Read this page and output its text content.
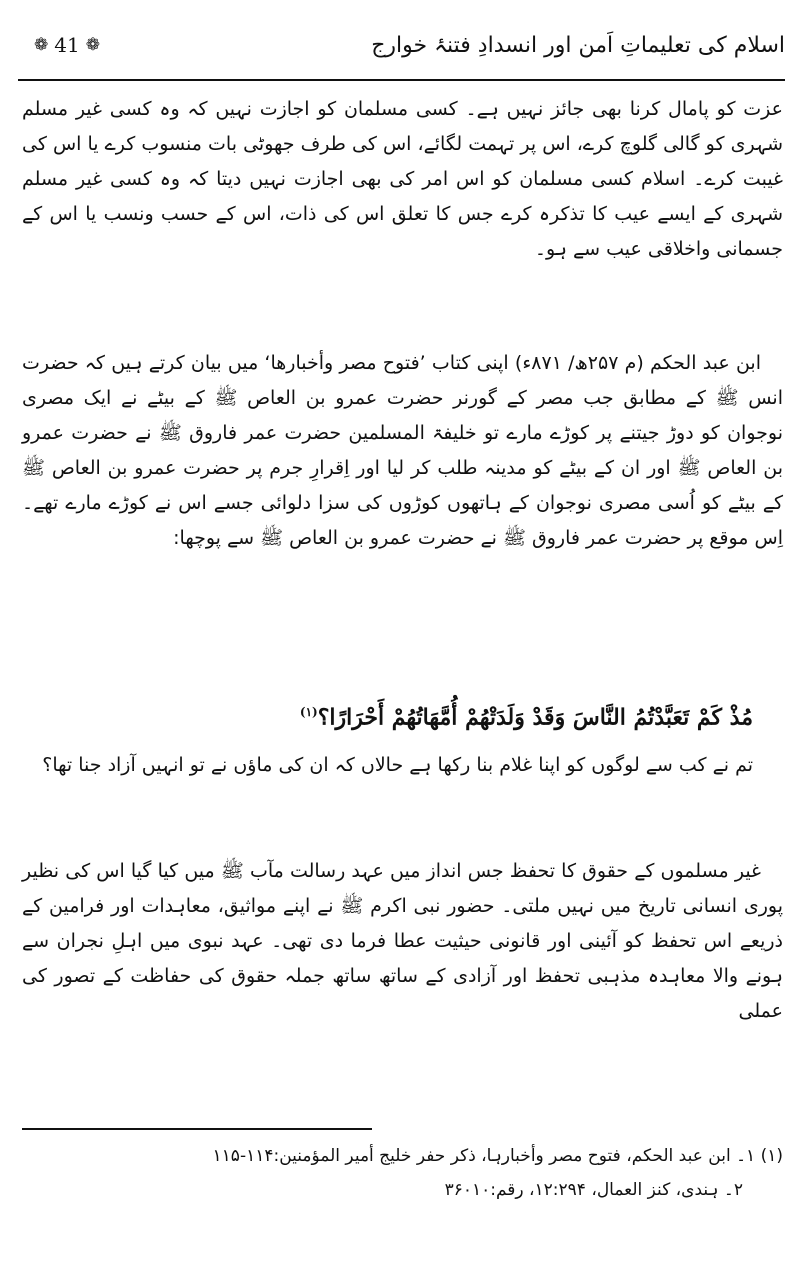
اسلام کی تعلیماتِ اَمن اور انسدادِ فتنۂ خوارج
❁ 41 ❁

عزت کو پامال کرنا بھی جائز نہیں ہے۔ کسی مسلمان کو اجازت نہیں کہ وہ کسی غیر مسلم شہری کو گالی گلوچ کرے، اس پر تہمت لگائے، اس کی طرف جھوٹی بات منسوب کرے یا اس کی غیبت کرے۔ اسلام کسی مسلمان کو اس امر کی بھی اجازت نہیں دیتا کہ وہ کسی غیر مسلم شہری کے ایسے عیب کا تذکرہ کرے جس کا تعلق اس کی ذات، اس کے حسب ونسب یا اس کے جسمانی واخلاقی عیب سے ہو۔

ابن عبد الحکم (م ۲۵۷ھ/ ۸۷۱ء) اپنی کتاب ’فتوح مصر وأخبارھا‘ میں بیان کرتے ہیں کہ حضرت انس ﷺ کے مطابق جب مصر کے گورنر حضرت عمرو بن العاص ﷺ کے بیٹے نے ایک مصری نوجوان کو دوڑ جیتنے پر کوڑے مارے تو خلیفۃ المسلمین حضرت عمر فاروق ﷺ نے حضرت عمرو بن العاص ﷺ اور ان کے بیٹے کو مدینہ طلب کر لیا اور اِقرارِ جرم پر حضرت عمرو بن العاص ﷺ کے بیٹے کو اُسی مصری نوجوان کے ہاتھوں کوڑوں کی سزا دلوائی جسے اس نے کوڑے مارے تھے۔ اِس موقع پر حضرت عمر فاروق ﷺ نے حضرت عمرو بن العاص ﷺ سے پوچھا:

مُذْ كَمْ تَعَبَّدْتُمُ النَّاسَ وَقَدْ وَلَدَتْهُمْ أُمَّهَاتُهُمْ أَحْرَارًا؟$^{(۱)}$

تم نے کب سے لوگوں کو اپنا غلام بنا رکھا ہے حالاں کہ ان کی ماؤں نے تو انہیں آزاد جنا تھا؟

غیر مسلموں کے حقوق کا تحفظ جس انداز میں عہد رسالت مآب ﷺ میں کیا گیا اس کی نظیر پوری انسانی تاریخ میں نہیں ملتی۔ حضور نبی اکرم ﷺ نے اپنے مواثیق، معاہدات اور فرامین کے ذریعے اس تحفظ کو آئینی اور قانونی حیثیت عطا فرما دی تھی۔ عہد نبوی میں اہلِ نجران سے ہونے والا معاہدہ مذہبی تحفظ اور آزادی کے ساتھ ساتھ جملہ حقوق کی حفاظت کے تصور کی عملی

(۱) ۱۔ ابن عبد الحکم، فتوح مصر وأخبارہا، ذکر حفر خلیج أمیر المؤمنین:۱۱۴-۱۱۵

۲۔ ہندی، کنز العمال، ۱۲:۲۹۴، رقم:۳۶۰۱۰
